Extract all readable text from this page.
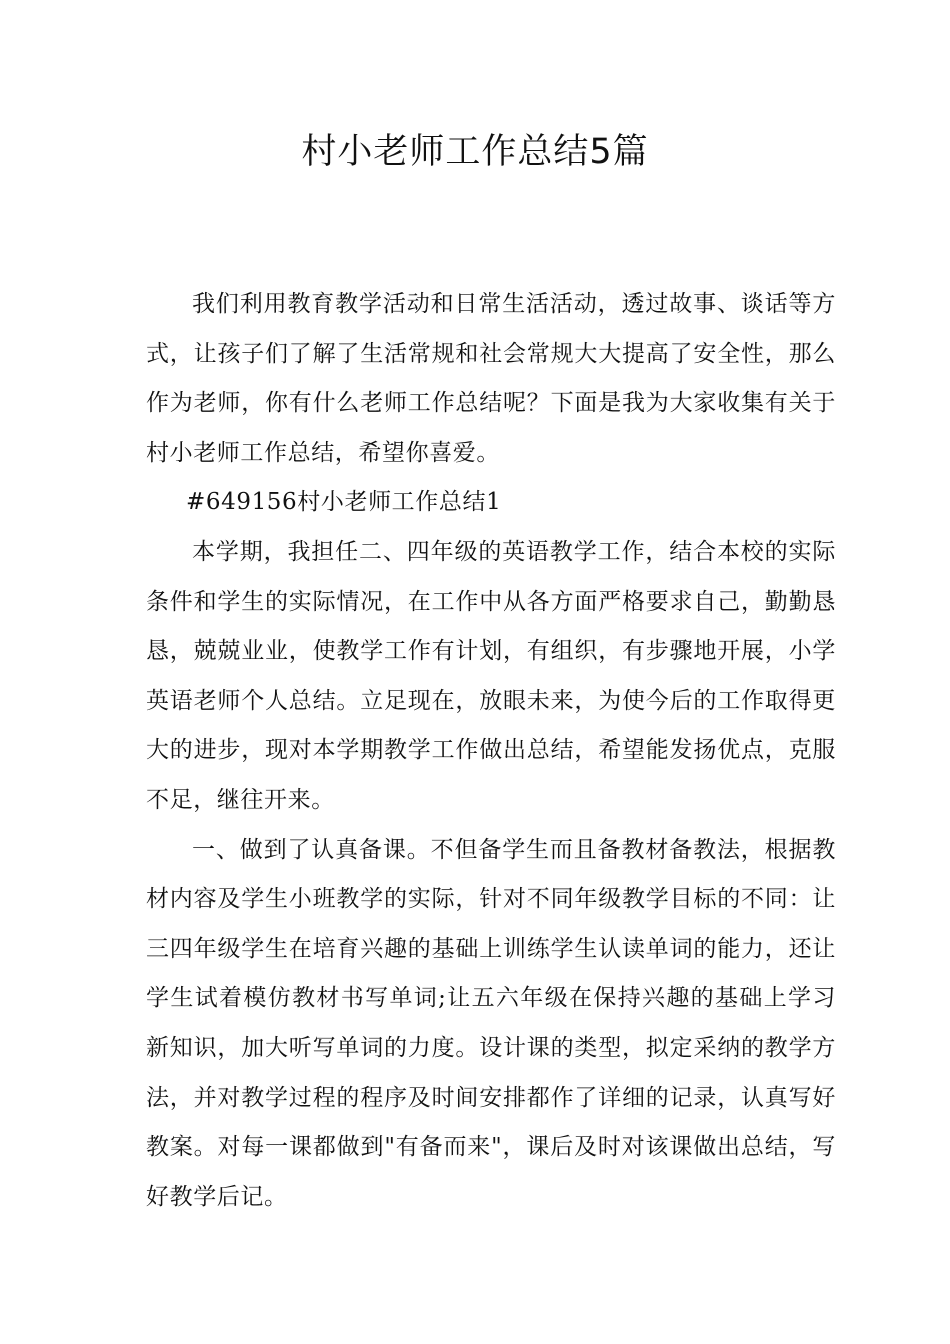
村小老师工作总结5篇

我们利用教育教学活动和日常生活活动，透过故事、谈话等方式，让孩子们了解了生活常规和社会常规大大提高了安全性，那么作为老师，你有什么老师工作总结呢？下面是我为大家收集有关于村小老师工作总结，希望你喜爱。

#649156村小老师工作总结1

本学期，我担任二、四年级的英语教学工作，结合本校的实际条件和学生的实际情况，在工作中从各方面严格要求自己，勤勤恳恳，兢兢业业，使教学工作有计划，有组织，有步骤地开展，小学英语老师个人总结。立足现在，放眼未来，为使今后的工作取得更大的进步，现对本学期教学工作做出总结，希望能发扬优点，克服不足，继往开来。

一、做到了认真备课。不但备学生而且备教材备教法，根据教材内容及学生小班教学的实际，针对不同年级教学目标的不同：让三四年级学生在培育兴趣的基础上训练学生认读单词的能力，还让学生试着模仿教材书写单词;让五六年级在保持兴趣的基础上学习新知识，加大听写单词的力度。设计课的类型，拟定采纳的教学方法，并对教学过程的程序及时间安排都作了详细的记录，认真写好教案。对每一课都做到"有备而来"，课后及时对该课做出总结，写好教学后记。
